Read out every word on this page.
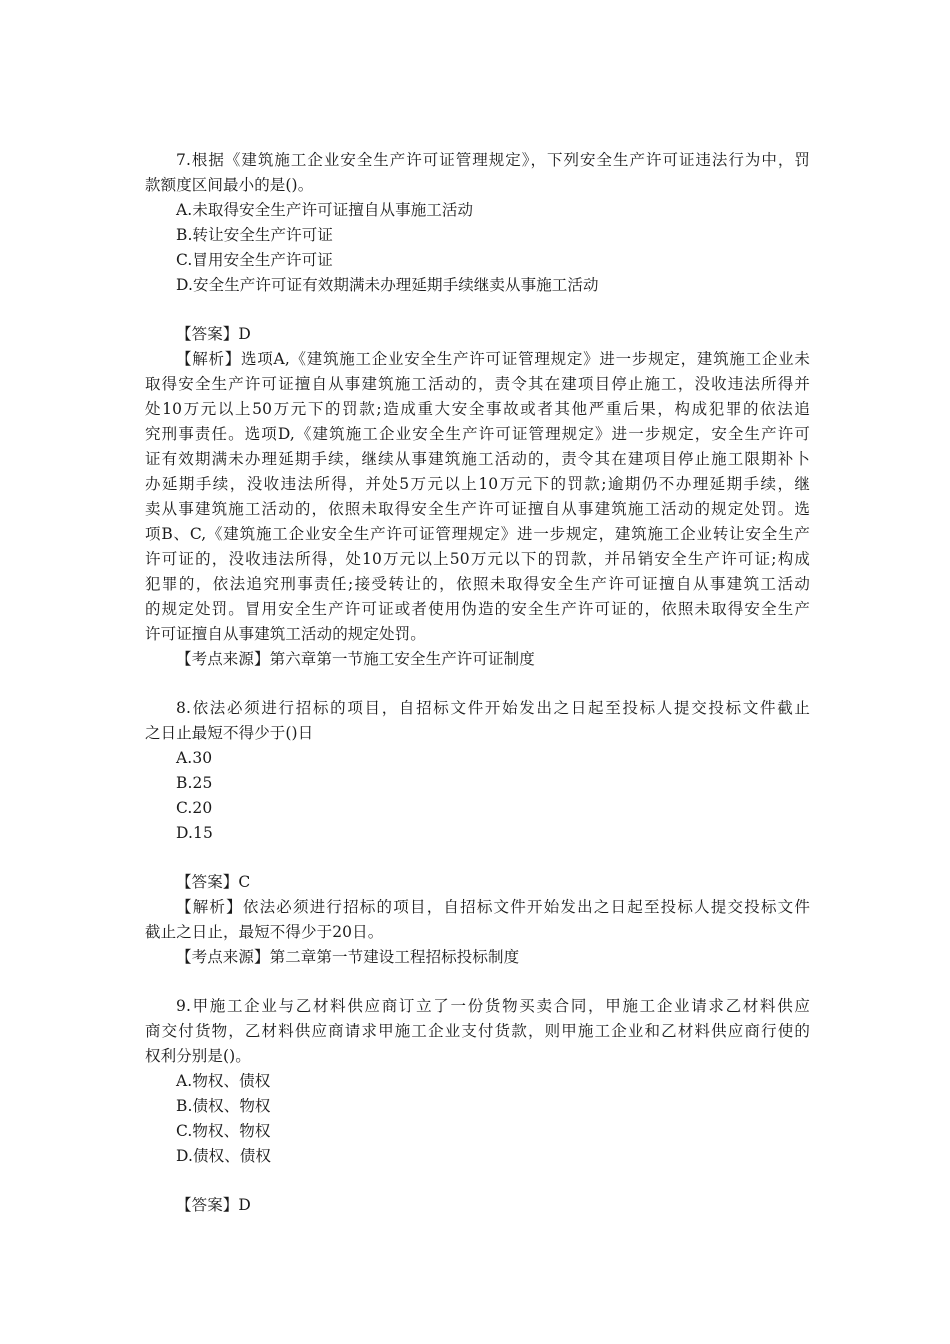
7.根据《建筑施工企业安全生产许可证管理规定》，下列安全生产许可证违法行为中，罚
款额度区间最小的是()。
A.未取得安全生产许可证擅自从事施工活动
B.转让安全生产许可证
C.冒用安全生产许可证
D.安全生产许可证有效期满未办理延期手续继卖从事施工活动
【答案】D
【解析】选项A,《建筑施工企业安全生产许可证管理规定》进一步规定，建筑施工企业未
取得安全生产许可证擅自从事建筑施工活动的，责令其在建项目停止施工，没收违法所得并
处10万元以上50万元下的罚款;造成重大安全事故或者其他严重后果，构成犯罪的依法追
究刑事责任。选项D,《建筑施工企业安全生产许可证管理规定》进一步规定，安全生产许可
证有效期满未办理延期手续，继续从事建筑施工活动的，责令其在建项目停止施工限期补卜
办延期手续，没收违法所得，并处5万元以上10万元下的罚款;逾期仍不办理延期手续，继
卖从事建筑施工活动的，依照未取得安全生产许可证擅自从事建筑施工活动的规定处罚。选
项B、C,《建筑施工企业安全生产许可证管理规定》进一步规定，建筑施工企业转让安全生产
许可证的，没收违法所得，处10万元以上50万元以下的罚款，并吊销安全生产许可证;构成
犯罪的，依法追究刑事责任;接受转让的，依照未取得安全生产许可证擅自从事建筑工活动
的规定处罚。冒用安全生产许可证或者使用伪造的安全生产许可证的，依照未取得安全生产
许可证擅自从事建筑工活动的规定处罚。
【考点来源】第六章第一节施工安全生产许可证制度
8.依法必须进行招标的项目，自招标文件开始发出之日起至投标人提交投标文件截止
之日止最短不得少于()日
A.30
B.25
C.20
D.15
【答案】C
【解析】依法必须进行招标的项目，自招标文件开始发出之日起至投标人提交投标文件
截止之日止，最短不得少于20日。
【考点来源】第二章第一节建设工程招标投标制度
9.甲施工企业与乙材料供应商订立了一份货物买卖合同，甲施工企业请求乙材料供应
商交付货物，乙材料供应商请求甲施工企业支付货款，则甲施工企业和乙材料供应商行使的
权利分别是()。
A.物权、债权
B.债权、物权
C.物权、物权
D.债权、债权
【答案】D
